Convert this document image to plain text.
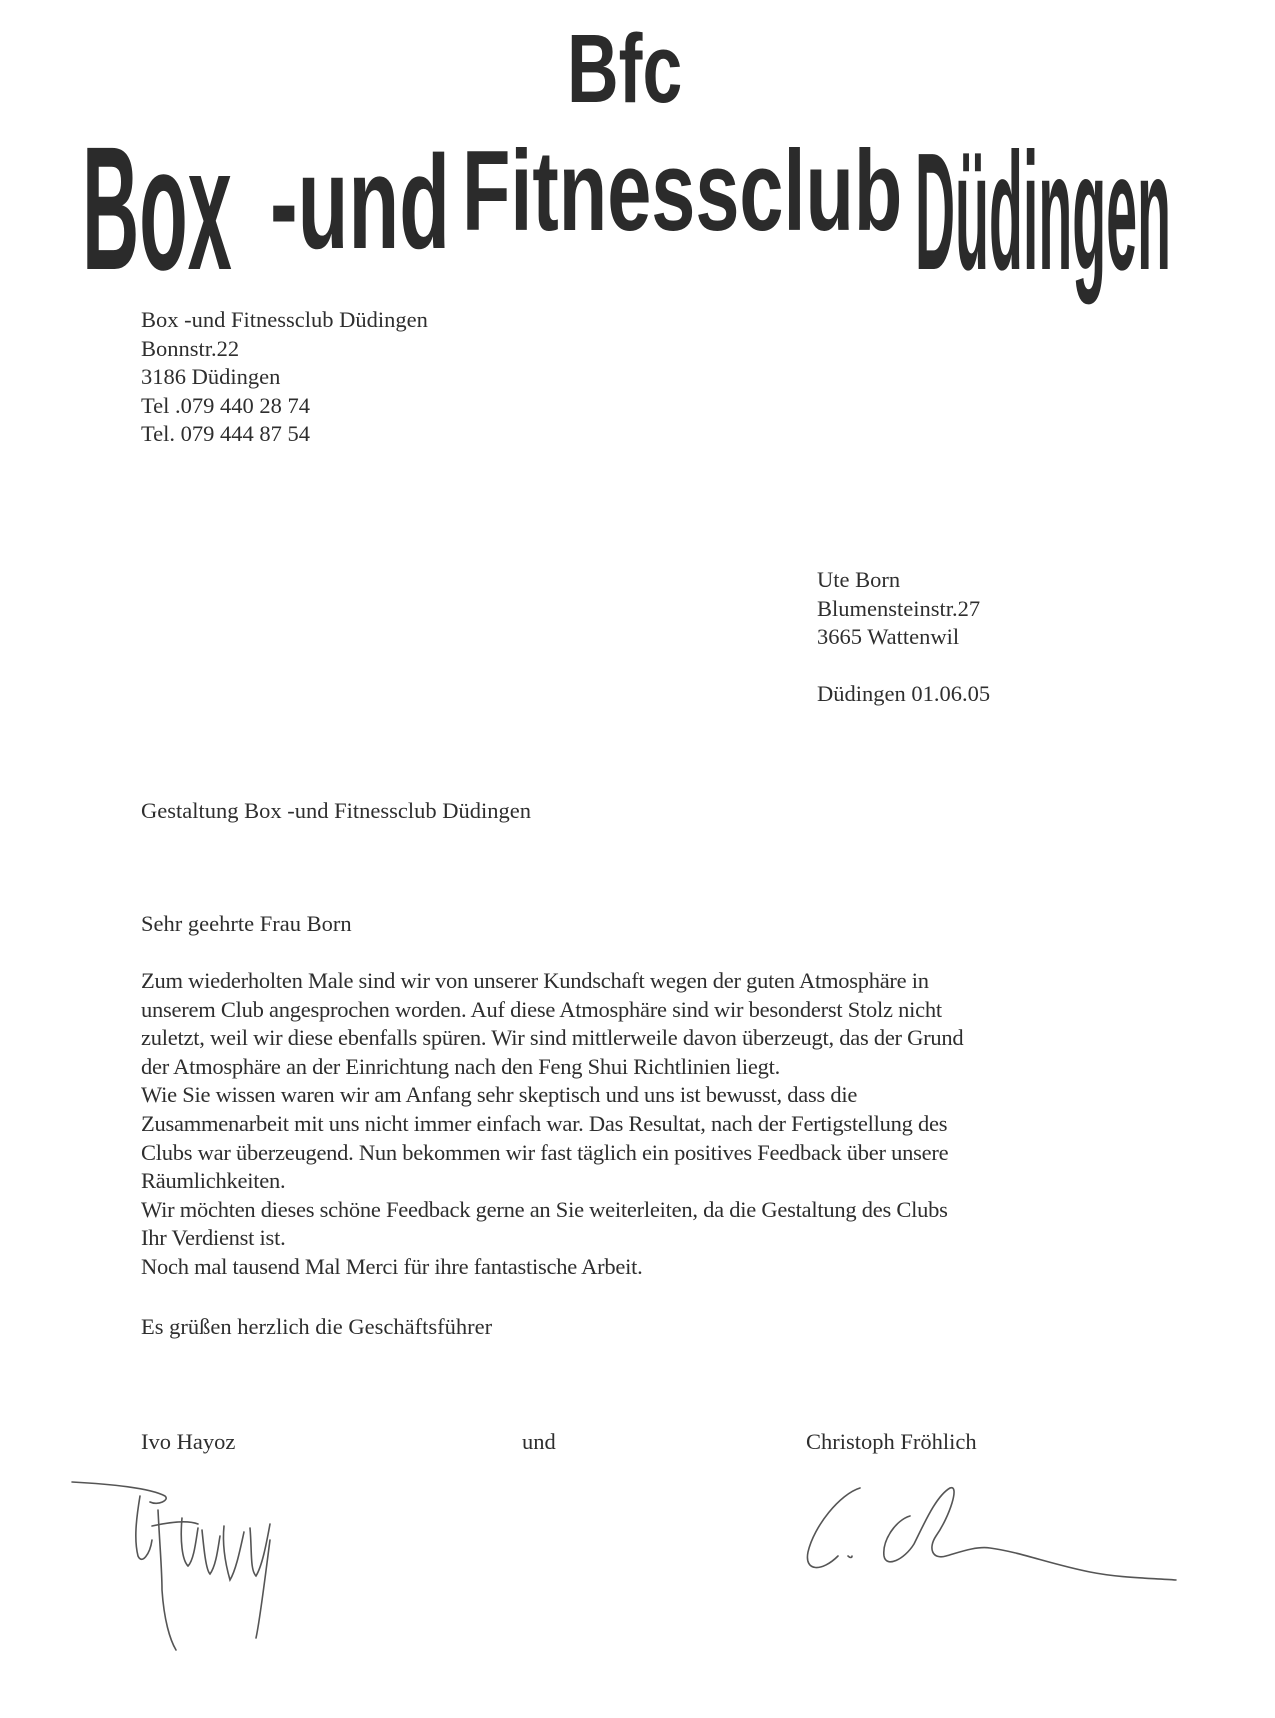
Bfc
Box -und Fitnessclub Düdingen
Box -und Fitnessclub Düdingen
Bonnstr.22
3186 Düdingen
Tel .079 440 28 74
Tel. 079 444 87 54
Ute Born
Blumensteinstr.27
3665 Wattenwil
Düdingen 01.06.05
Gestaltung Box -und Fitnessclub Düdingen
Sehr geehrte Frau Born
Zum wiederholten Male sind wir von unserer Kundschaft wegen der guten Atmosphäre in
unserem Club angesprochen worden. Auf diese Atmosphäre sind wir besonderst Stolz nicht
zuletzt, weil wir diese ebenfalls spüren. Wir sind mittlerweile davon überzeugt, das der Grund
der Atmosphäre an der Einrichtung nach den Feng Shui Richtlinien liegt.
Wie Sie wissen waren wir am Anfang sehr skeptisch und uns ist bewusst, dass die
Zusammenarbeit mit uns nicht immer einfach war. Das Resultat, nach der Fertigstellung des
Clubs war überzeugend. Nun bekommen wir fast täglich ein positives Feedback über unsere
Räumlichkeiten.
Wir möchten dieses schöne Feedback gerne an Sie weiterleiten, da die Gestaltung des Clubs
Ihr Verdienst ist.
Noch mal tausend Mal Merci für ihre fantastische Arbeit.
Es grüßen herzlich die Geschäftsführer
Ivo Hayoz	und	Christoph Fröhlich
